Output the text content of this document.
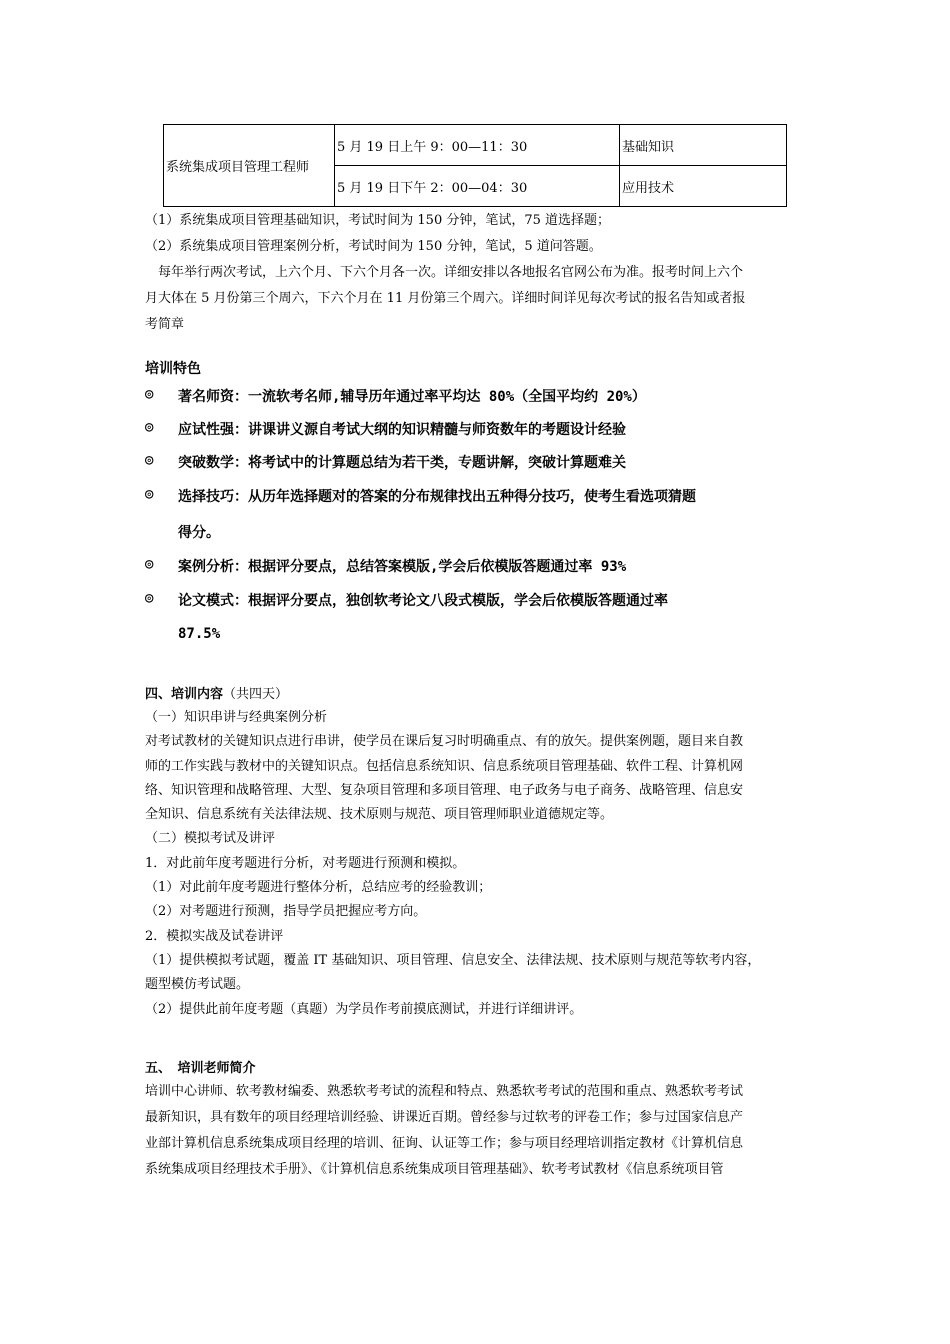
系统集成项目管理工程师	5 月 19 日上午 9：00—11：30	基础知识
	5 月 19 日下午 2：00—04：30	应用技术
（1）系统集成项目管理基础知识，考试时间为 150 分钟，笔试，75 道选择题；
（2）系统集成项目管理案例分析，考试时间为 150 分钟，笔试，5 道问答题。
　每年举行两次考试，上六个月、下六个月各一次。详细安排以各地报名官网公布为准。报考时间上六个
月大体在 5 月份第三个周六，下六个月在 11 月份第三个周六。详细时间详见每次考试的报名告知或者报
考简章
培训特色
◎ 著名师资：一流软考名师,辅导历年通过率平均达 80%（全国平均约 20%）
◎ 应试性强：讲课讲义源自考试大纲的知识精髓与师资数年的考题设计经验
◎ 突破数学：将考试中的计算题总结为若干类，专题讲解，突破计算题难关
◎ 选择技巧：从历年选择题对的答案的分布规律找出五种得分技巧，使考生看选项猜题
得分。
◎ 案例分析：根据评分要点，总结答案模版,学会后依模版答题通过率 93%
◎ 论文模式：根据评分要点，独创软考论文八段式模版，学会后依模版答题通过率
87.5%
四、培训内容（共四天）
（一）知识串讲与经典案例分析
对考试教材的关键知识点进行串讲，使学员在课后复习时明确重点、有的放矢。提供案例题，题目来自教
师的工作实践与教材中的关键知识点。包括信息系统知识、信息系统项目管理基础、软件工程、计算机网
络、知识管理和战略管理、大型、复杂项目管理和多项目管理、电子政务与电子商务、战略管理、信息安
全知识、信息系统有关法律法规、技术原则与规范、项目管理师职业道德规定等。
（二）模拟考试及讲评
1．对此前年度考题进行分析，对考题进行预测和模拟。
（1）对此前年度考题进行整体分析，总结应考的经验教训；
（2）对考题进行预测，指导学员把握应考方向。
2．模拟实战及试卷讲评
（1）提供模拟考试题，覆盖 IT 基础知识、项目管理、信息安全、法律法规、技术原则与规范等软考内容，
题型模仿考试题。
（2）提供此前年度考题（真题）为学员作考前摸底测试，并进行详细讲评。
五、　培训老师简介
培训中心讲师、软考教材编委、熟悉软考考试的流程和特点、熟悉软考考试的范围和重点、熟悉软考考试
最新知识，具有数年的项目经理培训经验、讲课近百期。曾经参与过软考的评卷工作；参与过国家信息产
业部计算机信息系统集成项目经理的培训、征询、认证等工作；参与项目经理培训指定教材《计算机信息
系统集成项目经理技术手册》、《计算机信息系统集成项目管理基础》、软考考试教材《信息系统项目管
